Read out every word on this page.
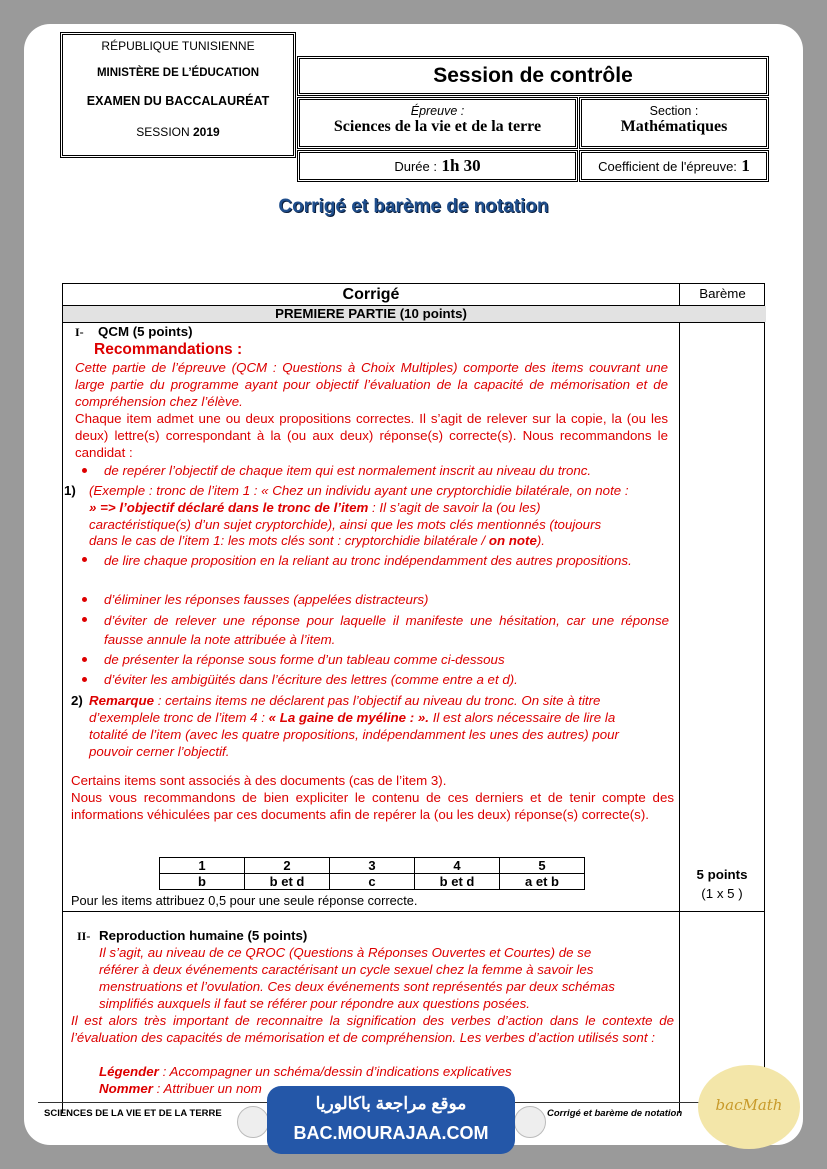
RÉPUBLIQUE TUNISIENNE
MINISTÈRE DE L’ÉDUCATION
EXAMEN DU BACCALAURÉAT
SESSION 2019
Session de contrôle
Épreuve :
Sciences de la vie et de la terre
Section :
Mathématiques
Durée : 1h 30	Coefficient de l'épreuve: 1
Corrigé et barème de notation
Corrigé	Barème
PREMIERE PARTIE (10 points)
I- QCM (5 points)
Recommandations :
Cette partie de l’épreuve (QCM : Questions à Choix Multiples) comporte des items couvrant une large partie du programme ayant pour objectif l’évaluation de la capacité de mémorisation et de compréhension chez l’élève.
Chaque item admet une ou deux propositions correctes. Il s’agit de relever sur la copie, la (ou les deux) lettre(s) correspondant à la (ou aux deux) réponse(s) correcte(s). Nous recommandons le candidat :
de repérer l’objectif de chaque item qui est normalement inscrit au niveau du tronc.
1) (Exemple : tronc de l’item 1 : « Chez un individu ayant une cryptorchidie bilatérale, on note :
» => l’objectif déclaré dans le tronc de l’item : Il s’agit de savoir la (ou les)
caractéristique(s) d’un sujet cryptorchide), ainsi que les mots clés mentionnés (toujours
dans le cas de l’item 1: les mots clés sont : cryptorchidie bilatérale / on note).
de lire chaque proposition en la reliant au tronc indépendamment des autres propositions.
d’éliminer les réponses fausses (appelées distracteurs)
d’éviter de relever une réponse pour laquelle il manifeste une hésitation, car une réponse fausse annule la note attribuée à l’item.
de présenter la réponse sous forme d’un tableau comme ci-dessous
d’éviter les ambigüités dans l’écriture des lettres (comme entre a et d).
2) Remarque : certains items ne déclarent pas l’objectif au niveau du tronc. On site à titre
d’exemplele tronc de l’item 4 : « La gaine de myéline : ». Il est alors nécessaire de lire la
totalité de l’item (avec les quatre propositions, indépendamment les unes des autres) pour
pouvoir cerner l’objectif.
Certains items sont associés à des documents (cas de l’item 3).
Nous vous recommandons de bien expliciter le contenu de ces derniers et de tenir compte des informations véhiculées par ces documents afin de repérer la (ou les deux) réponse(s) correcte(s).
1	2	3	4	5
b	b et d	c	b et d	a et b
Pour les items attribuez 0,5 pour une seule réponse correcte.
5 points
(1 x 5 )
II- Reproduction humaine (5 points)
Il s’agit, au niveau de ce QROC (Questions à Réponses Ouvertes et Courtes) de se
référer à deux événements caractérisant un cycle sexuel chez la femme à savoir les
menstruations et l’ovulation. Ces deux événements sont représentés par deux schémas
simplifiés auxquels il faut se référer pour répondre aux questions posées.
Il est alors très important de reconnaitre la signification des verbes d’action dans le contexte de l’évaluation des capacités de mémorisation et de compréhension. Les verbes d’action utilisés sont :
Légender : Accompagner un schéma/dessin d’indications explicatives
Nommer : Attribuer un nom
SCIENCES DE LA VIE ET DE LA TERRE	Corrigé et barème de notation
موقع مراجعة باكالوريا
BAC.MOURAJAA.COM
bacMath
